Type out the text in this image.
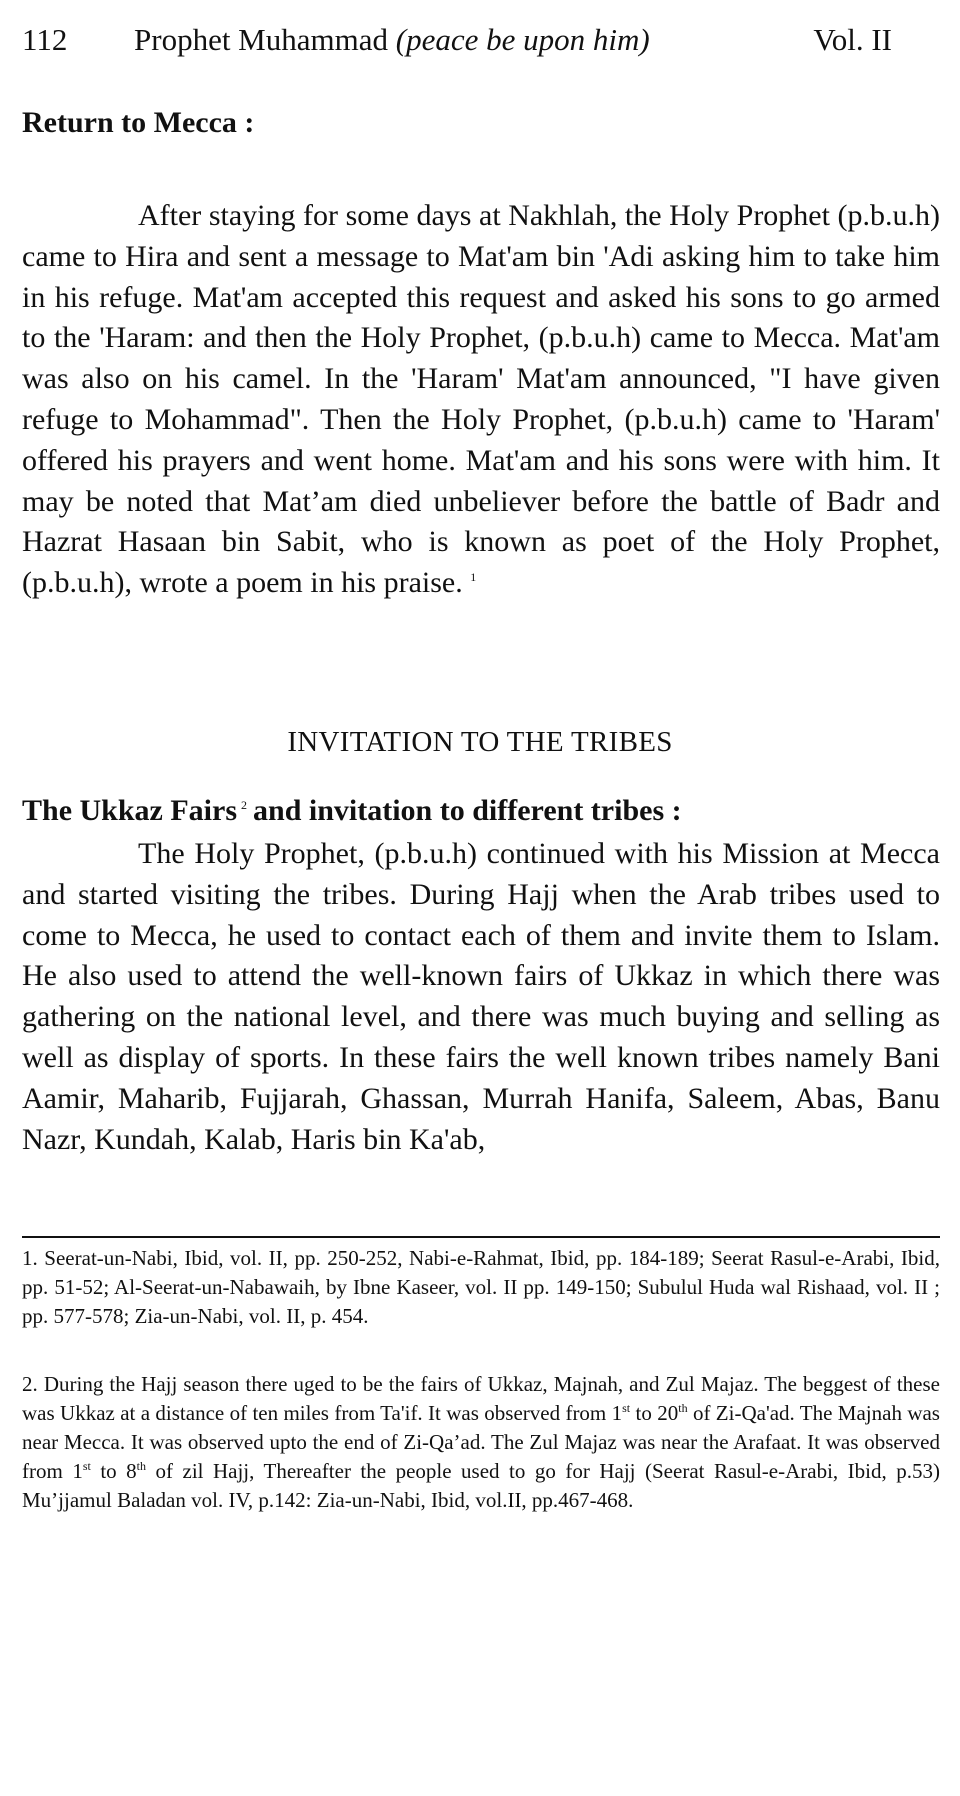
112 Prophet Muhammad (peace be upon him)	Vol. II
Return to Mecca :

After staying for some days at Nakhlah, the Holy Prophet (p.b.u.h) came to Hira and sent a message to Mat'am bin 'Adi asking him to take him in his refuge. Mat'am accepted this request and asked his sons to go armed to the 'Haram: and then the Holy Prophet, (p.b.u.h) came to Mecca. Mat'am was also on his camel. In the 'Haram' Mat'am announced, "I have given refuge to Mohammad". Then the Holy Prophet, (p.b.u.h) came to 'Haram' offered his prayers and went home. Mat'am and his sons were with him. It may be noted that Mat’am died unbeliever before the battle of Badr and Hazrat Hasaan bin Sabit, who is known as poet of the Holy Prophet, (p.b.u.h), wrote a poem in his praise. $^1$

INVITATION TO THE TRIBES
The Ukkaz Fairs $^2$ and invitation to different tribes :

The Holy Prophet, (p.b.u.h) continued with his Mission at Mecca and started visiting the tribes. During Hajj when the Arab tribes used to come to Mecca, he used to contact each of them and invite them to Islam. He also used to attend the well-known fairs of Ukkaz in which there was gathering on the national level, and there was much buying and selling as well as display of sports. In these fairs the well known tribes namely Bani Aamir, Maharib, Fujjarah, Ghassan, Murrah Hanifa, Saleem, Abas, Banu Nazr, Kundah, Kalab, Haris bin Ka'ab,

1. Seerat-un-Nabi, Ibid, vol. II, pp. 250-252, Nabi-e-Rahmat, Ibid, pp. 184-189; Seerat Rasul-e-Arabi, Ibid, pp. 51-52; Al-Seerat-un-Nabawaih, by Ibne Kaseer, vol. II pp. 149-150; Subulul Huda wal Rishaad, vol. II ; pp. 577-578; Zia-un-Nabi, vol. II, p. 454.

2. During the Hajj season there uged to be the fairs of Ukkaz, Majnah, and Zul Majaz. The beggest of these was Ukkaz at a distance of ten miles from Ta'if. It was observed from 1st to 20th of Zi-Qa'ad. The Majnah was near Mecca. It was observed upto the end of Zi-Qa’ad. The Zul Majaz was near the Arafaat. It was observed from 1st to 8th of zil Hajj, Thereafter the people used to go for Hajj (Seerat Rasul-e-Arabi, Ibid, p.53) Mu’jjamul Baladan vol. IV, p.142: Zia-un-Nabi, Ibid, vol.II, pp.467-468.
